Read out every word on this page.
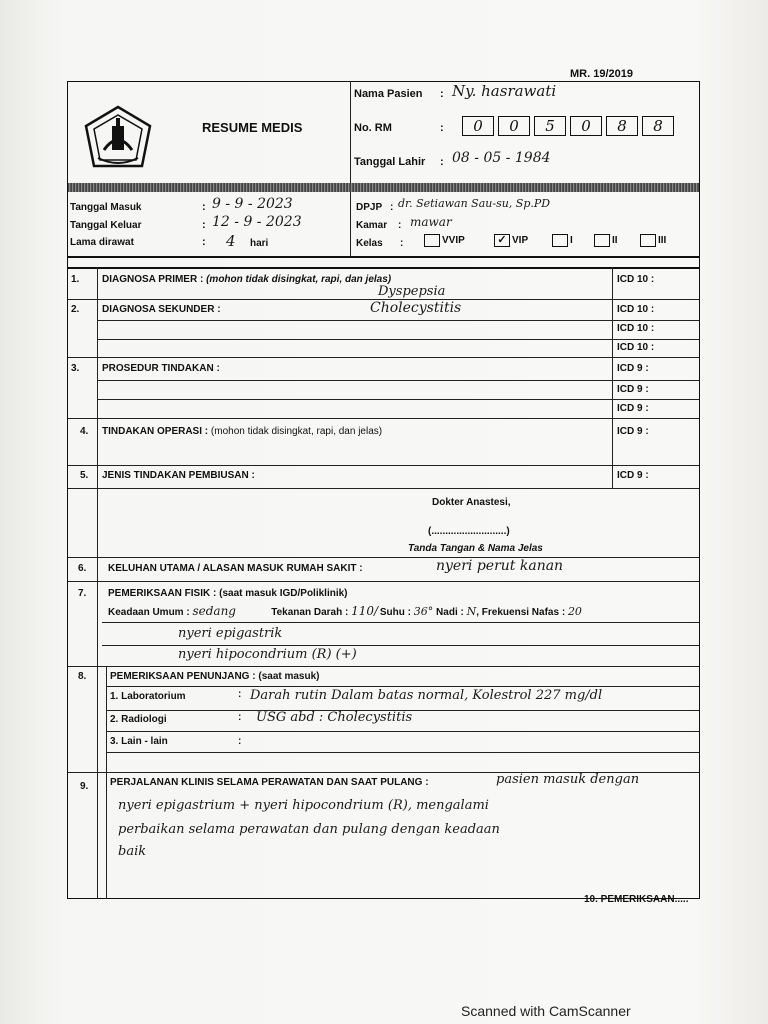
MR. 19/2019
RESUME MEDIS
Nama Pasien : Ny. hasrawati
No. RM	:	0 0 5 0 8 8
Tanggal Lahir : 08 - 05 - 1984
Tanggal Masuk	: 9 - 9 - 2023
Tanggal Keluar	: 12 - 9 - 2023
Lama dirawat	: 4 hari
DPJP : dr. Setiawan Sau-su, Sp.PD
Kamar : mawar
Kelas :	VVIP	✓ VIP	I	II	III
1. DIAGNOSA PRIMER : (mohon tidak disingkat, rapi, dan jelas)
Dyspepsia
ICD 10 :
2. DIAGNOSA SEKUNDER :	Cholecystitis	ICD 10 :
ICD 10 :
ICD 10 :
3. PROSEDUR TINDAKAN :	ICD 9 :
ICD 9 :
ICD 9 :
4. TINDAKAN OPERASI : (mohon tidak disingkat, rapi, dan jelas)	ICD 9 :
5. JENIS TINDAKAN PEMBIUSAN :	ICD 9 :
Dokter Anastesi,
(...........................)
Tanda Tangan & Nama Jelas
6. KELUHAN UTAMA / ALASAN MASUK RUMAH SAKIT :	nyeri perut kanan
7. PEMERIKSAAN FISIK : (saat masuk IGD/Poliklinik)
Keadaan Umum : sedang	Tekanan Darah : 110/ Suhu : 36° Nadi : N, Frekuensi Nafas : 20
nyeri epigastrik
nyeri hipocondrium (R) (+)
8. PEMERIKSAAN PENUNJANG : (saat masuk)
1. Laboratorium	: Darah rutin Dalam batas normal, Kolestrol 227 mg/dl
2. Radiologi	: USG abd : Cholecystitis
3. Lain - lain	:
9. PERJALANAN KLINIS SELAMA PERAWATAN DAN SAAT PULANG :	pasien masuk dengan
nyeri epigastrium + nyeri hipocondrium (R), mengalami
perbaikan selama perawatan dan pulang dengan keadaan
baik
10. PEMERIKSAAN.....
Scanned with CamScanner
